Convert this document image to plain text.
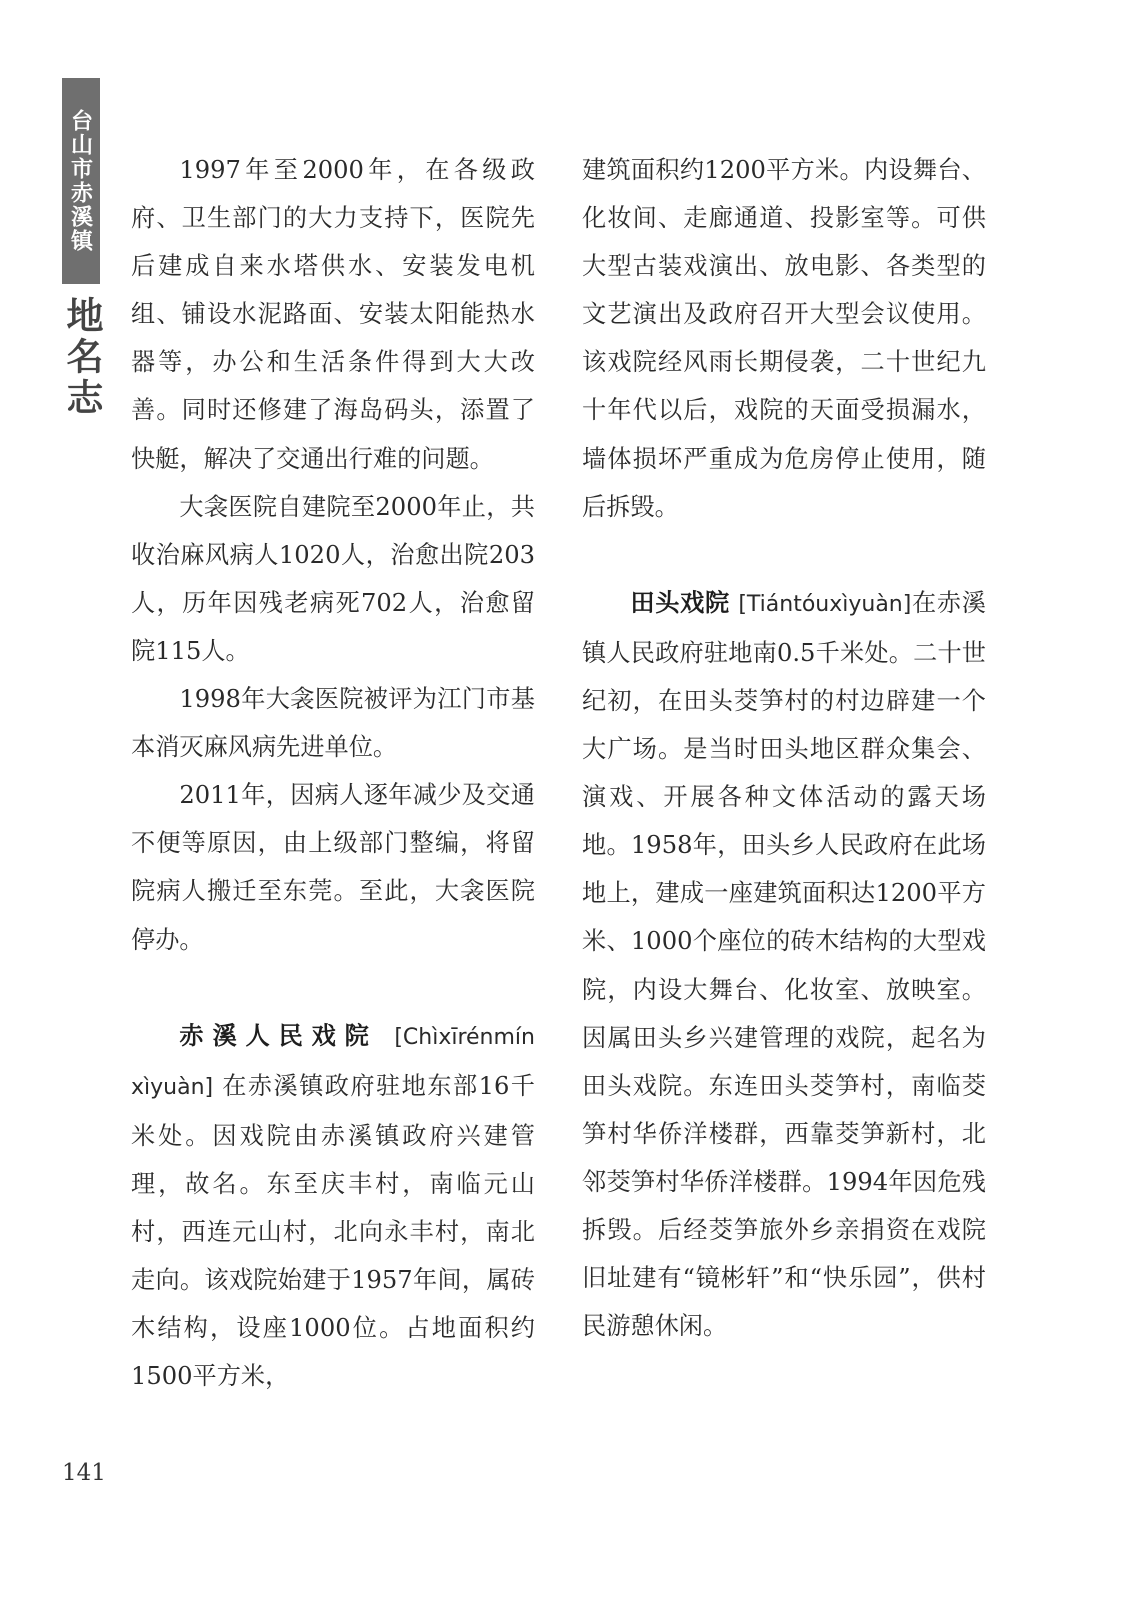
台山市赤溪镇
地名志

1997年至2000年，在各级政府、卫生部门的大力支持下，医院先后建成自来水塔供水、安装发电机组、铺设水泥路面、安装太阳能热水器等，办公和生活条件得到大大改善。同时还修建了海岛码头，添置了快艇，解决了交通出行难的问题。

大衾医院自建院至2000年止，共收治麻风病人1020人，治愈出院203人，历年因残老病死702人，治愈留院115人。

1998年大衾医院被评为江门市基本消灭麻风病先进单位。

2011年，因病人逐年减少及交通不便等原因，由上级部门整编，将留院病人搬迁至东莞。至此，大衾医院停办。

赤溪人民戏院 [Chìxīrénmín xìyuàn] 在赤溪镇政府驻地东部16千米处。因戏院由赤溪镇政府兴建管理，故名。东至庆丰村，南临元山村，西连元山村，北向永丰村，南北走向。该戏院始建于1957年间，属砖木结构，设座1000位。占地面积约1500平方米，

建筑面积约1200平方米。内设舞台、化妆间、走廊通道、投影室等。可供大型古装戏演出、放电影、各类型的文艺演出及政府召开大型会议使用。该戏院经风雨长期侵袭，二十世纪九十年代以后，戏院的天面受损漏水，墙体损坏严重成为危房停止使用，随后拆毁。

田头戏院 [Tiántóuxìyuàn]在赤溪镇人民政府驻地南0.5千米处。二十世纪初，在田头茭笋村的村边辟建一个大广场。是当时田头地区群众集会、演戏、开展各种文体活动的露天场地。1958年，田头乡人民政府在此场地上，建成一座建筑面积达1200平方米、1000个座位的砖木结构的大型戏院，内设大舞台、化妆室、放映室。因属田头乡兴建管理的戏院，起名为田头戏院。东连田头茭笋村，南临茭笋村华侨洋楼群，西靠茭笋新村，北邻茭笋村华侨洋楼群。1994年因危残拆毁。后经茭笋旅外乡亲捐资在戏院旧址建有“镜彬轩”和“快乐园”，供村民游憩休闲。

141
